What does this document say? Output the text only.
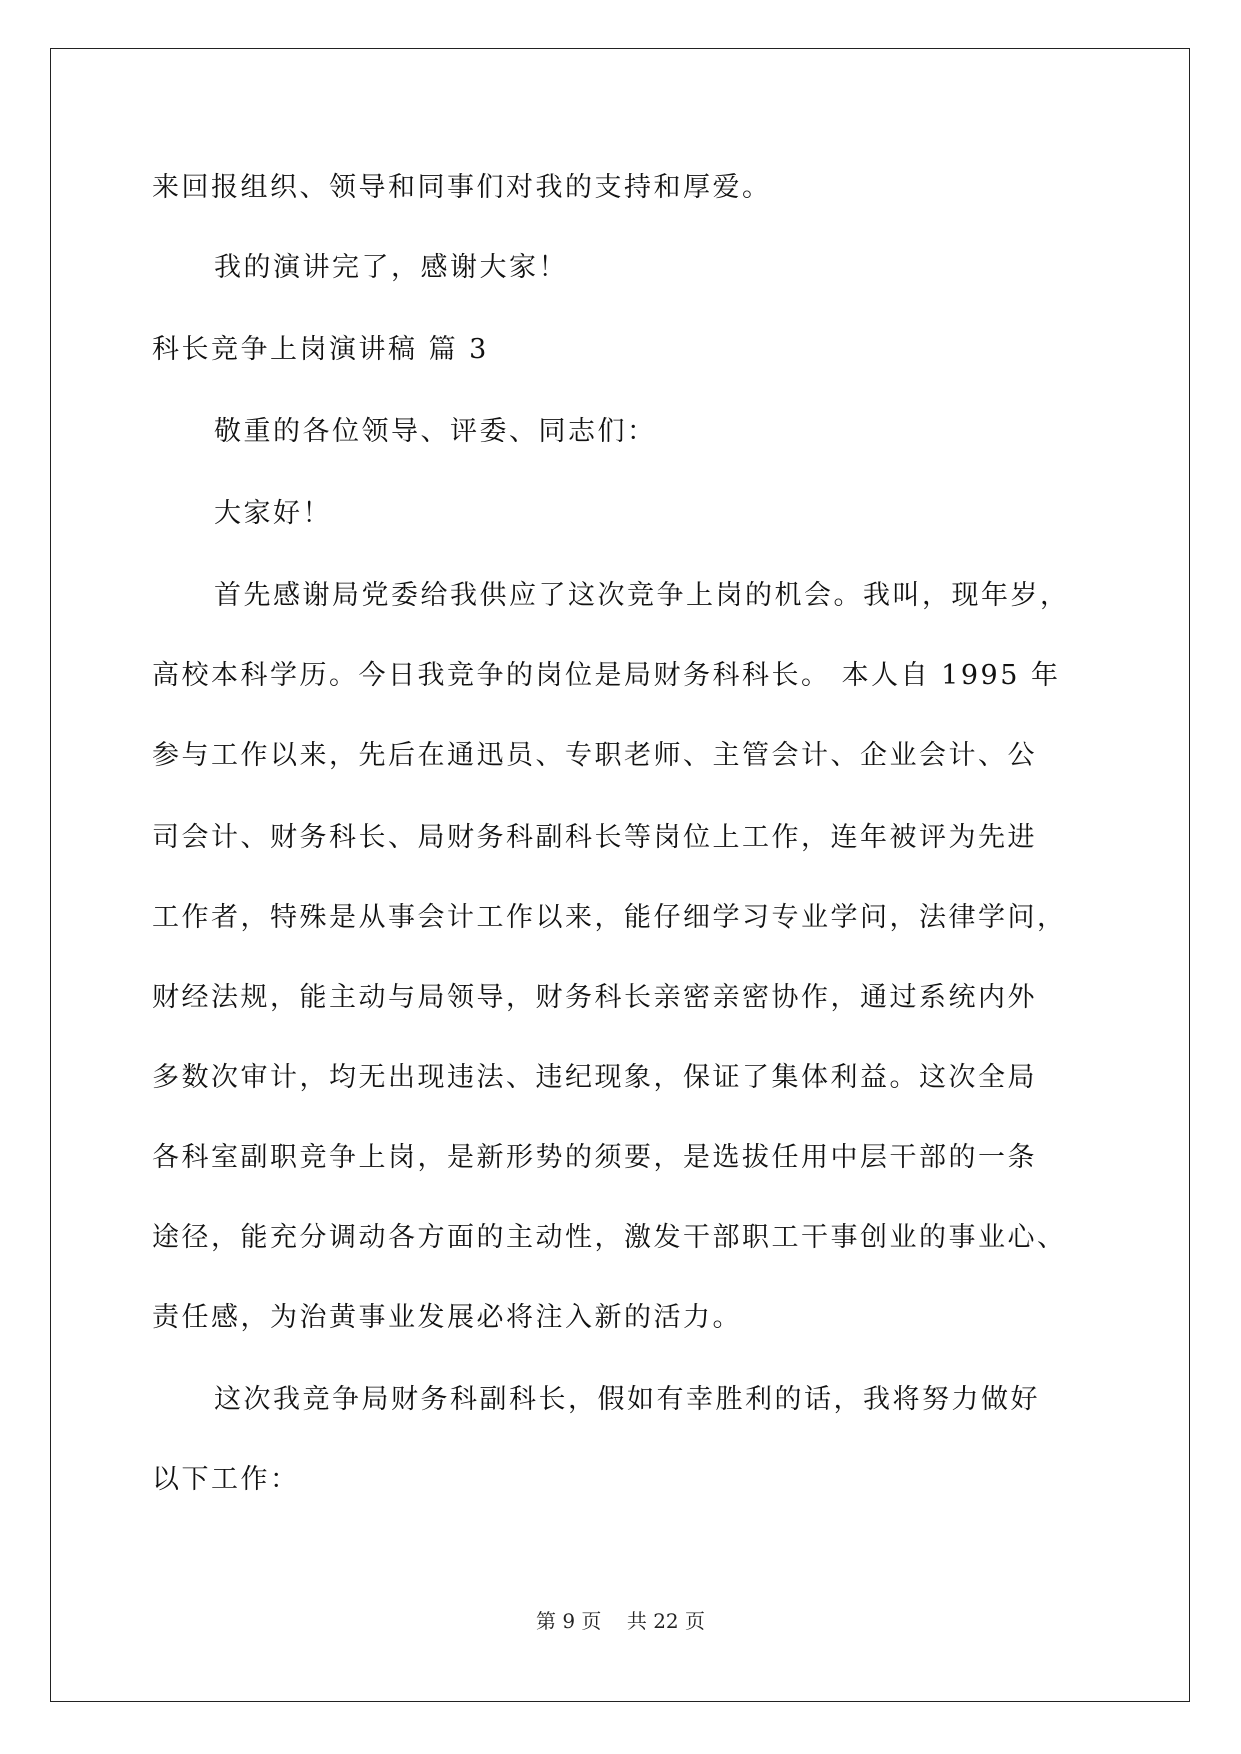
来回报组织、领导和同事们对我的支持和厚爱。
我的演讲完了，感谢大家！
科长竞争上岗演讲稿 篇 3
敬重的各位领导、评委、同志们：
大家好！
首先感谢局党委给我供应了这次竞争上岗的机会。我叫，现年岁，
高校本科学历。今日我竞争的岗位是局财务科科长。 本人自 1995 年
参与工作以来，先后在通迅员、专职老师、主管会计、企业会计、公
司会计、财务科长、局财务科副科长等岗位上工作，连年被评为先进
工作者，特殊是从事会计工作以来，能仔细学习专业学问，法律学问，
财经法规，能主动与局领导，财务科长亲密亲密协作，通过系统内外
多数次审计，均无出现违法、违纪现象，保证了集体利益。这次全局
各科室副职竞争上岗，是新形势的须要，是选拔任用中层干部的一条
途径，能充分调动各方面的主动性，激发干部职工干事创业的事业心、
责任感，为治黄事业发展必将注入新的活力。
这次我竞争局财务科副科长，假如有幸胜利的话，我将努力做好
以下工作：
第 9 页    共 22 页
